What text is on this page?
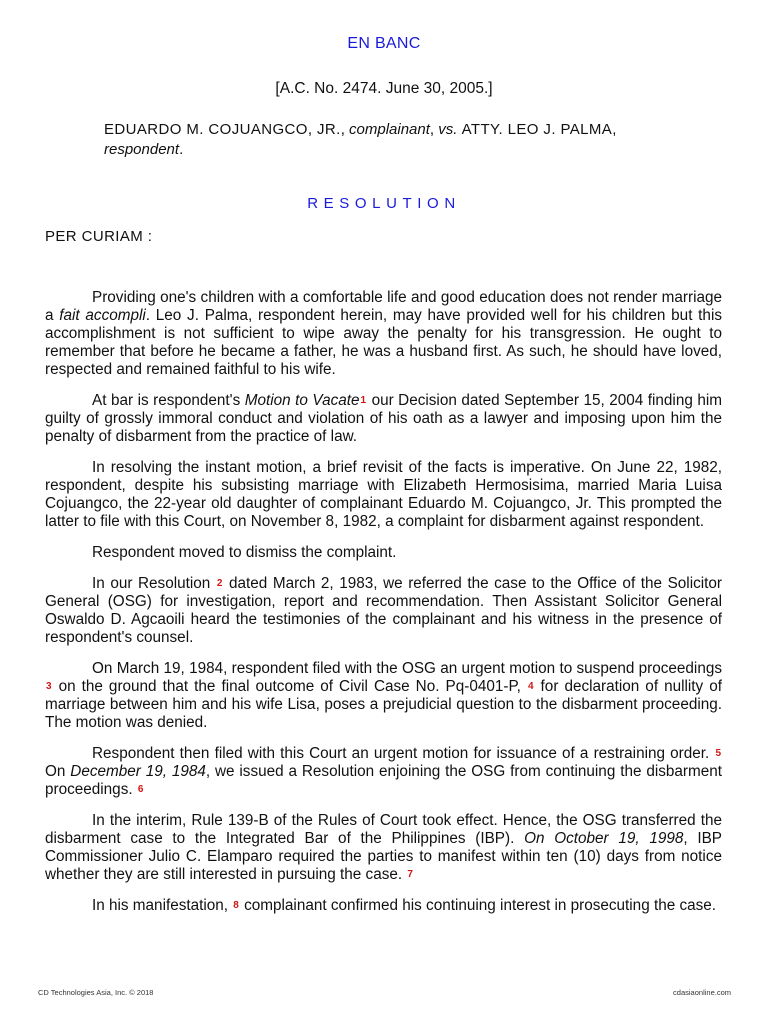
EN BANC
[A.C. No. 2474. June 30, 2005.]
EDUARDO M. COJUANGCO, JR., complainant, vs. ATTY. LEO J. PALMA,
respondent.
RESOLUTION
PER CURIAM :

Providing one's children with a comfortable life and good education does not render marriage a fait accompli. Leo J. Palma, respondent herein, may have provided well for his children but this accomplishment is not sufficient to wipe away the penalty for his transgression. He ought to remember that before he became a father, he was a husband first. As such, he should have loved, respected and remained faithful to his wife.

At bar is respondent's Motion to Vacate1 our Decision dated September 15, 2004 finding him guilty of grossly immoral conduct and violation of his oath as a lawyer and imposing upon him the penalty of disbarment from the practice of law.

In resolving the instant motion, a brief revisit of the facts is imperative. On June 22, 1982, respondent, despite his subsisting marriage with Elizabeth Hermosisima, married Maria Luisa Cojuangco, the 22-year old daughter of complainant Eduardo M. Cojuangco, Jr. This prompted the latter to file with this Court, on November 8, 1982, a complaint for disbarment against respondent.

Respondent moved to dismiss the complaint.

In our Resolution 2 dated March 2, 1983, we referred the case to the Office of the Solicitor General (OSG) for investigation, report and recommendation. Then Assistant Solicitor General Oswaldo D. Agcaoili heard the testimonies of the complainant and his witness in the presence of respondent's counsel.

On March 19, 1984, respondent filed with the OSG an urgent motion to suspend proceedings 3 on the ground that the final outcome of Civil Case No. Pq-0401-P, 4 for declaration of nullity of marriage between him and his wife Lisa, poses a prejudicial question to the disbarment proceeding. The motion was denied.

Respondent then filed with this Court an urgent motion for issuance of a restraining order. 5 On December 19, 1984, we issued a Resolution enjoining the OSG from continuing the disbarment proceedings. 6

In the interim, Rule 139-B of the Rules of Court took effect. Hence, the OSG transferred the disbarment case to the Integrated Bar of the Philippines (IBP). On October 19, 1998, IBP Commissioner Julio C. Elamparo required the parties to manifest within ten (10) days from notice whether they are still interested in pursuing the case. 7

In his manifestation, 8 complainant confirmed his continuing interest in prosecuting the case.

CD Technologies Asia, Inc. © 2018	cdasiaonline.com
